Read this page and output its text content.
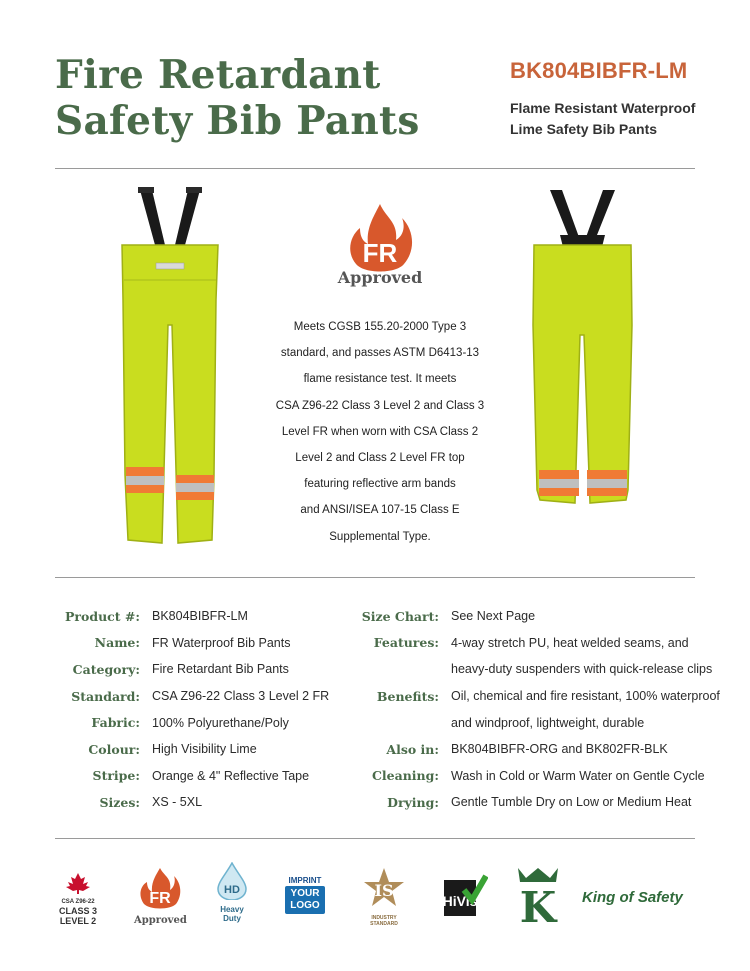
Fire Retardant
Safety Bib Pants
BK804BIBFR-LM
Flame Resistant Waterproof
Lime Safety Bib Pants
FR
Approved
Meets CGSB 155.20-2000 Type 3
standard, and passes ASTM D6413-13
flame resistance test. It meets
CSA Z96-22 Class 3 Level 2 and Class 3
Level FR when worn with CSA Class 2
Level 2 and Class 2 Level FR top
featuring reflective arm bands
and ANSI/ISEA 107-15 Class E
Supplemental Type.
Product #: BK804BIBFR-LM
Name: FR Waterproof Bib Pants
Category: Fire Retardant Bib Pants
Standard: CSA Z96-22 Class 3 Level 2 FR
Fabric: 100% Polyurethane/Poly
Colour: High Visibility Lime
Stripe: Orange & 4" Reflective Tape
Sizes: XS - 5XL
Size Chart: See Next Page
Features: 4-way stretch PU, heat welded seams, and
heavy-duty suspenders with quick-release clips
Benefits: Oil, chemical and fire resistant, 100% waterproof
and windproof, lightweight, durable
Also in: BK804BIBFR-ORG and BK802FR-BLK
Cleaning: Wash in Cold or Warm Water on Gentle Cycle
Drying: Gentle Tumble Dry on Low or Medium Heat
CSA Z96-22
CLASS 3
LEVEL 2
FR
Approved
HD
Heavy
Duty
IMPRINT
YOUR
LOGO
IS
INDUSTRY
STANDARD
HiVis K King of Safety
